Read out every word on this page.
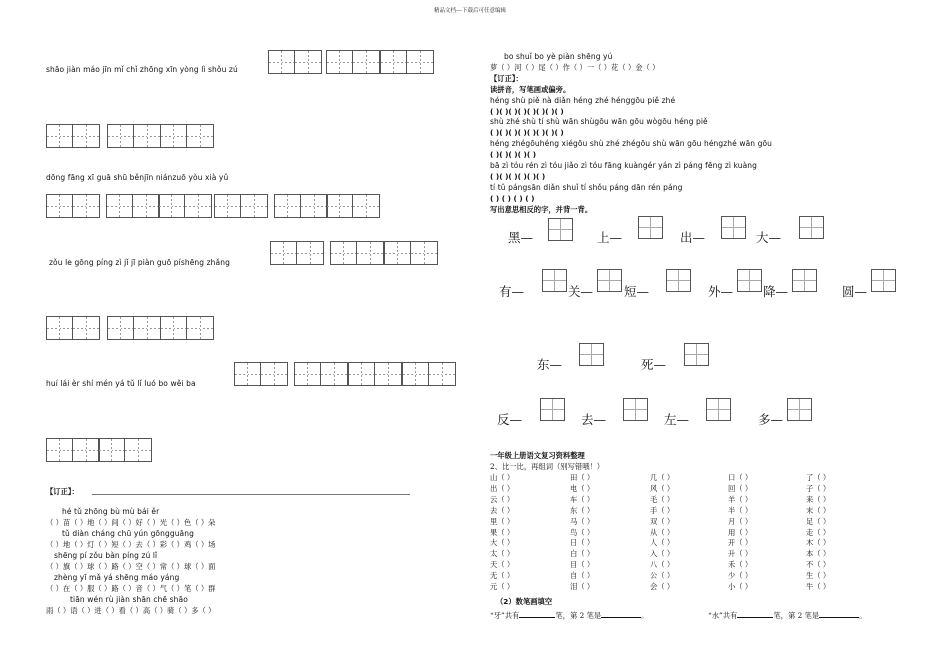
精品文档---下载后可任意编辑
shāo jiàn máo jīn mǐ chǐ zhōng xīn yòng lì shǒu zú
dōng fāng xī guā shū běnjīn niánzuō yòu xià yǔ
zǒu le gōng píng zì jǐ jī piàn guō píshēng zhǎng
huí lái èr shí mén yá tǔ lǐ luó bo wěi ba
【订正】：
hé tǔ zhōng bù mù bái ěr
（ ）苗（ ）地（ ）间（ ）好（ ）光（ ）色（ ）朵
tǔ diàn cháng chū yún gōngguāng
（ ）地（ ）灯（ ）短（ ）去（ ）彩（ ）鸡（ ）场
shēng pí zǒu bàn píng zú lǐ
（ ）旗（ ）球（ ）路（ ）空（ ）常（ ）球（ ）面
zhèng yī mǎ yá shēng máo yáng
（ ）在（ ）服（ ）路（ ）音（ ）气（ ）笔（ ）群
tiān wén rù jiàn shān chē shāo
雨（ ）语（ ）进（ ）看（ ）高（ ）骑（ ）多（ ）
bo shuǐ bo yè piàn shēng yú
萝（ ）河（ ）尾（ ）作（ ）一（ ）花（ ）金（ ）
【订正】：
读拼音，写笔画或偏旁。
héng shù piě nà diǎn héng zhé hénggōu piě zhé
( )( )( )( )( )( )( )( )
shù zhé shù tí shù wān shùgōu wān gōu wògōu héng piě
( )( )( )( )( )( )( )( )
héng zhégōuhéng xiégōu shù zhé zhégōu shù wān gōu héngzhé wān gōu
( )( )( )( )( )
bā zì tóu rén zì tóu jiǎo zì tóu fāng kuàngér yán zì páng fēng zì kuàng
( )( )( )( )( )( )
tí tǔ pángsān diǎn shuǐ tí shǒu páng dān rén páng
( ) ( ) ( ) ( )
写出意思相反的字，并背一背。
黑—	上—	出—	大—
有—	关— 短—	外— 降—	圆—
东—	死—
反—	去—	左—	多—
一年级上册语文复习资料整理
2、比一比，再组词（别写错哦！）
山（ ）	田（ ）	几（ ）	口（ ）	了（ ）
出（ ）	电（ ）	风（ ）	回（ ）	子（ ）
云（ ）	车（ ）	毛（ ）	羊（ ）	来（ ）
去（ ）	东（ ）	手（ ）	半（ ）	末（ ）
里（ ）	马（ ）	双（ ）	月（ ）	足（ ）
果（ ）	鸟（ ）	从（ ）	用（ ）	走（ ）
大（ ）	日（ ）	人（ ）	开（ ）	木（ ）
太（ ）	白（ ）	入（ ）	升（ ）	本（ ）
天（ ）	目（ ）	八（ ）	禾（ ）	不（ ）
无（ ）	自（ ）	公（ ）	少（ ）	生（ ）
元（ ）	泪（ ）	会（ ）	小（ ）	牛（ ）
（2）数笔画填空
“牙”共有	笔，第 2 笔是	。	“水”共有	笔，第 2 笔是	。
